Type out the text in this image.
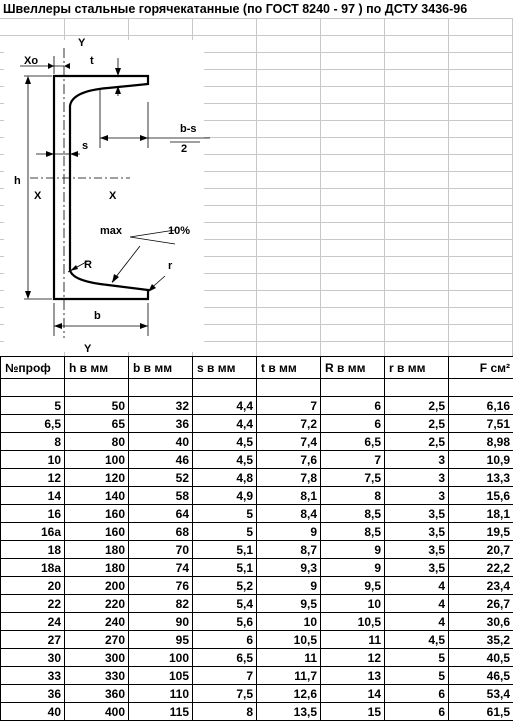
Швеллеры стальные горячекатанные (по ГОСТ 8240 - 97 ) по ДСТУ 3436-96
Xo
Y
t
b-s
2
s
h
X	X
max	10%
R	r
b
Y
№проф	h в мм	b в мм	s в мм	t в мм	R в мм	r в мм	F см²

5	50	32	4,4	7	6	2,5	6,16
6,5	65	36	4,4	7,2	6	2,5	7,51
8	80	40	4,5	7,4	6,5	2,5	8,98
10	100	46	4,5	7,6	7	3	10,9
12	120	52	4,8	7,8	7,5	3	13,3
14	140	58	4,9	8,1	8	3	15,6
16	160	64	5	8,4	8,5	3,5	18,1
16а	160	68	5	9	8,5	3,5	19,5
18	180	70	5,1	8,7	9	3,5	20,7
18а	180	74	5,1	9,3	9	3,5	22,2
20	200	76	5,2	9	9,5	4	23,4
22	220	82	5,4	9,5	10	4	26,7
24	240	90	5,6	10	10,5	4	30,6
27	270	95	6	10,5	11	4,5	35,2
30	300	100	6,5	11	12	5	40,5
33	330	105	7	11,7	13	5	46,5
36	360	110	7,5	12,6	14	6	53,4
40	400	115	8	13,5	15	6	61,5
